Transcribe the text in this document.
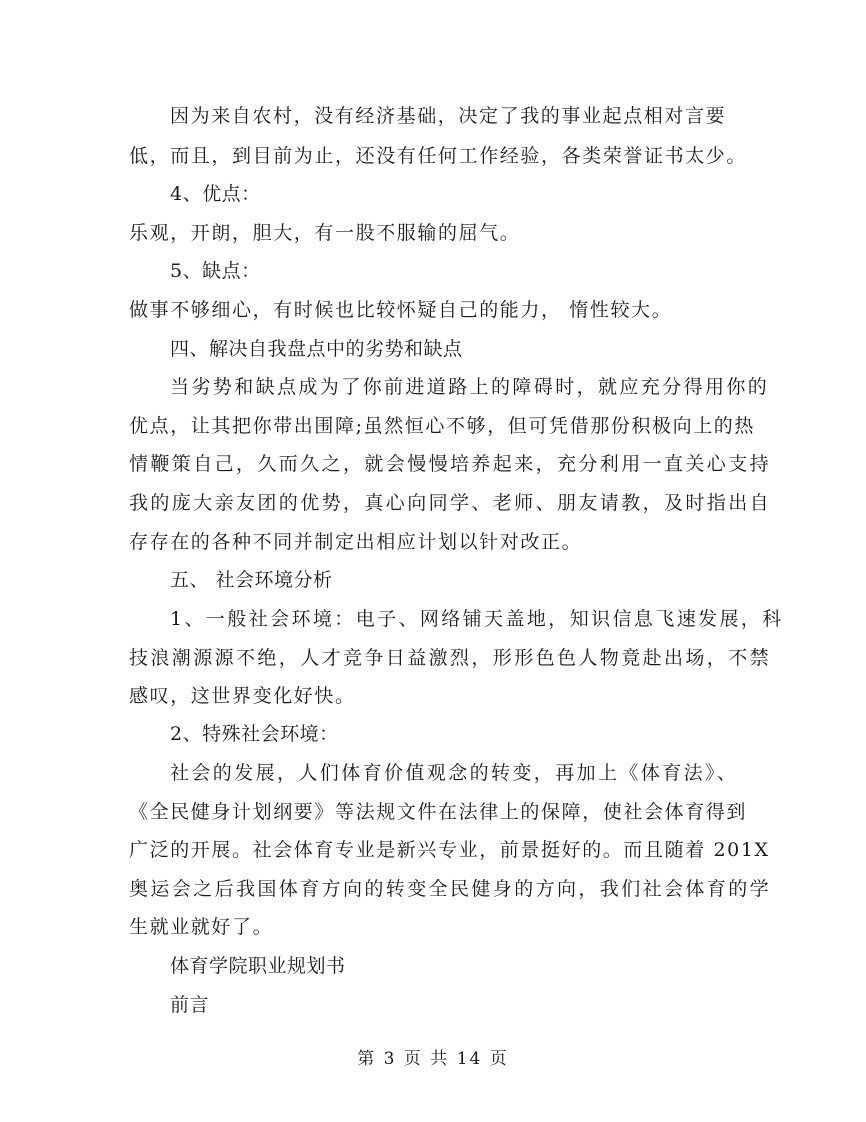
因为来自农村，没有经济基础，决定了我的事业起点相对言要
低，而且，到目前为止，还没有任何工作经验，各类荣誉证书太少。
4、优点：
乐观，开朗，胆大，有一股不服输的屈气。
5、缺点：
做事不够细心，有时候也比较怀疑自己的能力， 惰性较大。
四、解决自我盘点中的劣势和缺点
当劣势和缺点成为了你前进道路上的障碍时，就应充分得用你的
优点，让其把你带出围障;虽然恒心不够，但可凭借那份积极向上的热
情鞭策自己，久而久之，就会慢慢培养起来，充分利用一直关心支持
我的庞大亲友团的优势，真心向同学、老师、朋友请教，及时指出自
存存在的各种不同并制定出相应计划以针对改正。
五、 社会环境分析
1、一般社会环境：电子、网络铺天盖地，知识信息飞速发展，科
技浪潮源源不绝，人才竞争日益激烈，形形色色人物竟赴出场，不禁
感叹，这世界变化好快。
2、特殊社会环境：
社会的发展，人们体育价值观念的转变，再加上《体育法》、
《全民健身计划纲要》等法规文件在法律上的保障，使社会体育得到
广泛的开展。社会体育专业是新兴专业，前景挺好的。而且随着 201X
奥运会之后我国体育方向的转变全民健身的方向，我们社会体育的学
生就业就好了。
体育学院职业规划书
前言
第 3 页 共 14 页
